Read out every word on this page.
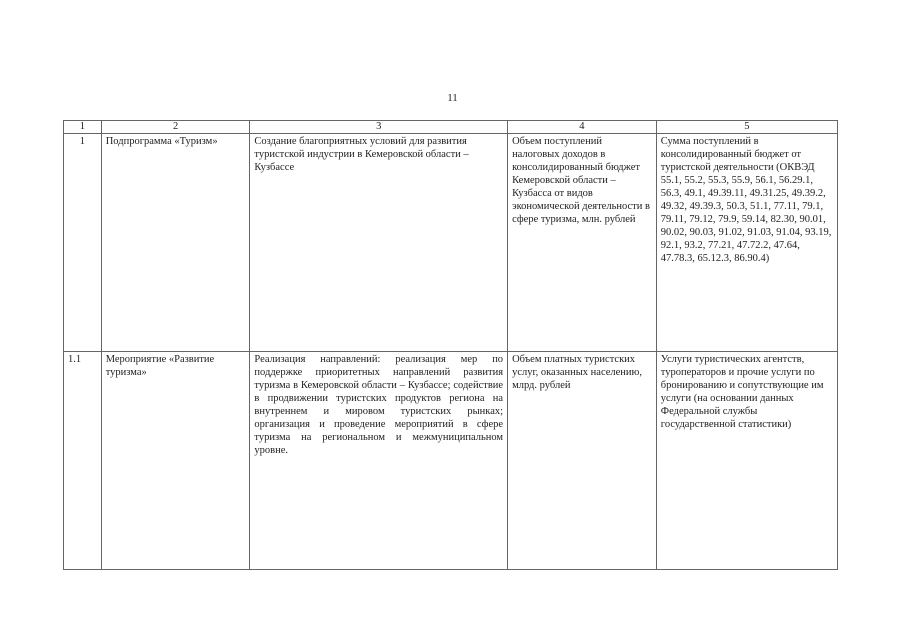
11
1	2	3	4	5
1	Подпрограмма «Туризм»	Создание благоприятных условий для развития туристской индустрии в Кемеровской области – Кузбассе	Объем поступлений налоговых доходов в консолидированный бюджет Кемеровской области – Кузбасса от видов экономической деятельности в сфере туризма, млн. рублей	Сумма поступлений в консолидированный бюджет от туристской деятельности (ОКВЭД 55.1, 55.2, 55.3, 55.9, 56.1, 56.29.1, 56.3, 49.1, 49.39.11, 49.31.25, 49.39.2, 49.32, 49.39.3, 50.3, 51.1, 77.11, 79.1, 79.11, 79.12, 79.9, 59.14, 82.30, 90.01, 90.02, 90.03, 91.02, 91.03, 91.04, 93.19, 92.1, 93.2, 77.21, 47.72.2, 47.64, 47.78.3, 65.12.3, 86.90.4)
1.1	Мероприятие «Развитие туризма»	Реализация направлений: реализация мер по поддержке приоритетных направлений развития туризма в Кемеровской области – Кузбассе; содействие в продвижении туристских продуктов региона на внутреннем и мировом туристских рынках; организация и проведение мероприятий в сфере туризма на региональном и межмуниципальном уровне.	Объем платных туристских услуг, оказанных населению, млрд. рублей	Услуги туристических агентств, туроператоров и прочие услуги по бронированию и сопутствующие им услуги (на основании данных Федеральной службы государственной статистики)
